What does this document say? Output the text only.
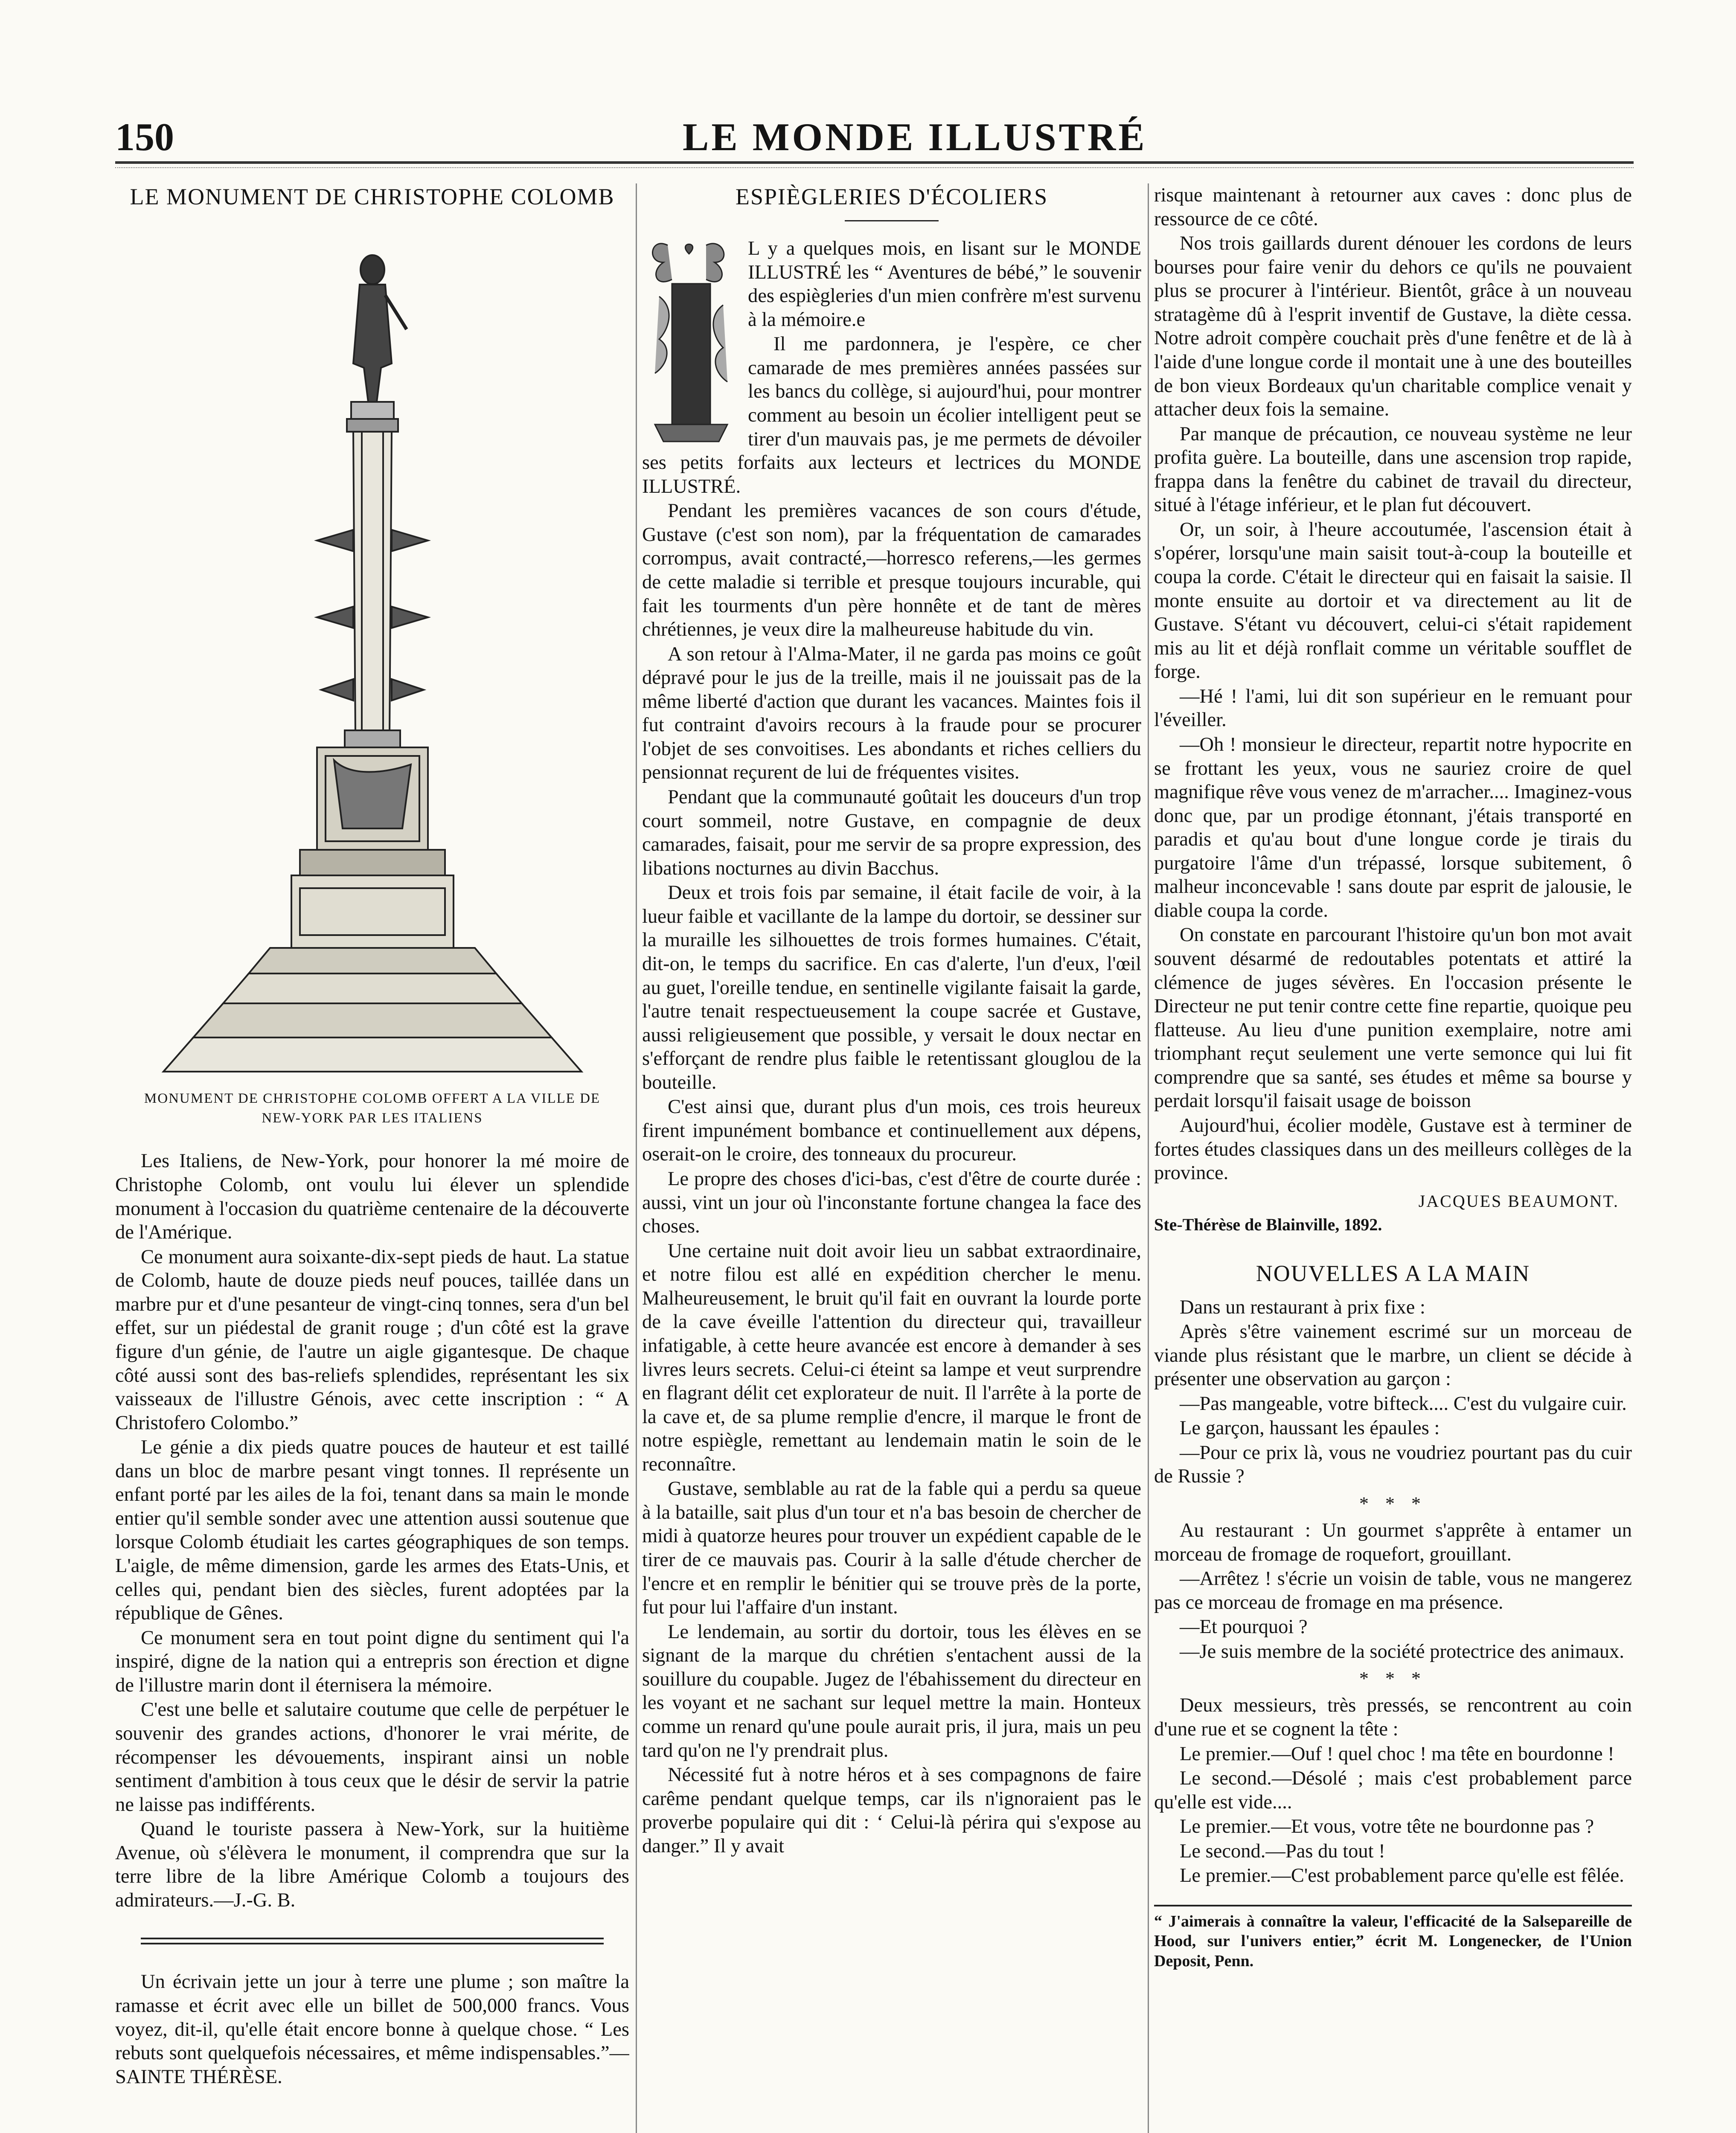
150	LE MONDE ILLUSTRÉ
LE MONUMENT DE CHRISTOPHE COLOMB
MONUMENT DE CHRISTOPHE COLOMB OFFERT A LA VILLE DE NEW-YORK PAR LES ITALIENS

Les Italiens, de New-York, pour honorer la mé moire de Christophe Colomb, ont voulu lui élever un splendide monument à l'occasion du quatrième centenaire de la découverte de l'Amérique.

Ce monument aura soixante-dix-sept pieds de haut. La statue de Colomb, haute de douze pieds neuf pouces, taillée dans un marbre pur et d'une pesanteur de vingt-cinq tonnes, sera d'un bel effet, sur un piédestal de granit rouge ; d'un côté est la grave figure d'un génie, de l'autre un aigle gigantesque. De chaque côté aussi sont des bas-reliefs splendides, représentant les six vaisseaux de l'illustre Génois, avec cette inscription : “ A Christofero Colombo.”

Le génie a dix pieds quatre pouces de hauteur et est taillé dans un bloc de marbre pesant vingt tonnes. Il représente un enfant porté par les ailes de la foi, tenant dans sa main le monde entier qu'il semble sonder avec une attention aussi soutenue que lorsque Colomb étudiait les cartes géographiques de son temps. L'aigle, de même dimension, garde les armes des Etats-Unis, et celles qui, pendant bien des siècles, furent adoptées par la république de Gênes.

Ce monument sera en tout point digne du sentiment qui l'a inspiré, digne de la nation qui a entrepris son érection et digne de l'illustre marin dont il éternisera la mémoire.

C'est une belle et salutaire coutume que celle de perpétuer le souvenir des grandes actions, d'honorer le vrai mérite, de récompenser les dévouements, inspirant ainsi un noble sentiment d'ambition à tous ceux que le désir de servir la patrie ne laisse pas indifférents.

Quand le touriste passera à New-York, sur la huitième Avenue, où s'élèvera le monument, il comprendra que sur la terre libre de la libre Amérique Colomb a toujours des admirateurs.—J.-G. B.

Un écrivain jette un jour à terre une plume ; son maître la ramasse et écrit avec elle un billet de 500,000 francs. Vous voyez, dit-il, qu'elle était encore bonne à quelque chose. “ Les rebuts sont quelquefois nécessaires, et même indispensables.”—SAINTE THÉRÈSE.

ESPIÈGLERIES D'ÉCOLIERS

L y a quelques mois, en lisant sur le MONDE ILLUSTRÉ les “ Aventures de bébé,” le souvenir des espiègleries d'un mien confrère m'est survenu à la mémoire.e

Il me pardonnera, je l'espère, ce cher camarade de mes premières années passées sur les bancs du collège, si aujourd'hui, pour montrer comment au besoin un écolier intelligent peut se tirer d'un mauvais pas, je me permets de dévoiler ses petits forfaits aux lecteurs et lectrices du MONDE ILLUSTRÉ.

Pendant les premières vacances de son cours d'étude, Gustave (c'est son nom), par la fréquentation de camarades corrompus, avait contracté,—horresco referens,—les germes de cette maladie si terrible et presque toujours incurable, qui fait les tourments d'un père honnête et de tant de mères chrétiennes, je veux dire la malheureuse habitude du vin.

A son retour à l'Alma-Mater, il ne garda pas moins ce goût dépravé pour le jus de la treille, mais il ne jouissait pas de la même liberté d'action que durant les vacances. Maintes fois il fut contraint d'avoirs recours à la fraude pour se procurer l'objet de ses convoitises. Les abondants et riches celliers du pensionnat reçurent de lui de fréquentes visites.

Pendant que la communauté goûtait les douceurs d'un trop court sommeil, notre Gustave, en compagnie de deux camarades, faisait, pour me servir de sa propre expression, des libations nocturnes au divin Bacchus.

Deux et trois fois par semaine, il était facile de voir, à la lueur faible et vacillante de la lampe du dortoir, se dessiner sur la muraille les silhouettes de trois formes humaines. C'était, dit-on, le temps du sacrifice. En cas d'alerte, l'un d'eux, l'œil au guet, l'oreille tendue, en sentinelle vigilante faisait la garde, l'autre tenait respectueusement la coupe sacrée et Gustave, aussi religieusement que possible, y versait le doux nectar en s'efforçant de rendre plus faible le retentissant glouglou de la bouteille.

C'est ainsi que, durant plus d'un mois, ces trois heureux firent impunément bombance et continuellement aux dépens, oserait-on le croire, des tonneaux du procureur.

Le propre des choses d'ici-bas, c'est d'être de courte durée : aussi, vint un jour où l'inconstante fortune changea la face des choses.

Une certaine nuit doit avoir lieu un sabbat extraordinaire, et notre filou est allé en expédition chercher le menu. Malheureusement, le bruit qu'il fait en ouvrant la lourde porte de la cave éveille l'attention du directeur qui, travailleur infatigable, à cette heure avancée est encore à demander à ses livres leurs secrets. Celui-ci éteint sa lampe et veut surprendre en flagrant délit cet explorateur de nuit. Il l'arrête à la porte de la cave et, de sa plume remplie d'encre, il marque le front de notre espiègle, remettant au lendemain matin le soin de le reconnaître.

Gustave, semblable au rat de la fable qui a perdu sa queue à la bataille, sait plus d'un tour et n'a bas besoin de chercher de midi à quatorze heures pour trouver un expédient capable de le tirer de ce mauvais pas. Courir à la salle d'étude chercher de l'encre et en remplir le bénitier qui se trouve près de la porte, fut pour lui l'affaire d'un instant.

Le lendemain, au sortir du dortoir, tous les élèves en se signant de la marque du chrétien s'entachent aussi de la souillure du coupable. Jugez de l'ébahissement du directeur en les voyant et ne sachant sur lequel mettre la main. Honteux comme un renard qu'une poule aurait pris, il jura, mais un peu tard qu'on ne l'y prendrait plus.

Nécessité fut à notre héros et à ses compagnons de faire carême pendant quelque temps, car ils n'ignoraient pas le proverbe populaire qui dit : ‘ Celui-là périra qui s'expose au danger.” Il y avait

risque maintenant à retourner aux caves : donc plus de ressource de ce côté.

Nos trois gaillards durent dénouer les cordons de leurs bourses pour faire venir du dehors ce qu'ils ne pouvaient plus se procurer à l'intérieur. Bientôt, grâce à un nouveau stratagème dû à l'esprit inventif de Gustave, la diète cessa. Notre adroit compère couchait près d'une fenêtre et de là à l'aide d'une longue corde il montait une à une des bouteilles de bon vieux Bordeaux qu'un charitable complice venait y attacher deux fois la semaine.

Par manque de précaution, ce nouveau système ne leur profita guère. La bouteille, dans une ascension trop rapide, frappa dans la fenêtre du cabinet de travail du directeur, situé à l'étage inférieur, et le plan fut découvert.

Or, un soir, à l'heure accoutumée, l'ascension était à s'opérer, lorsqu'une main saisit tout-à-coup la bouteille et coupa la corde. C'était le directeur qui en faisait la saisie. Il monte ensuite au dortoir et va directement au lit de Gustave. S'étant vu découvert, celui-ci s'était rapidement mis au lit et déjà ronflait comme un véritable soufflet de forge.

—Hé ! l'ami, lui dit son supérieur en le remuant pour l'éveiller.

—Oh ! monsieur le directeur, repartit notre hypocrite en se frottant les yeux, vous ne sauriez croire de quel magnifique rêve vous venez de m'arracher.... Imaginez-vous donc que, par un prodige étonnant, j'étais transporté en paradis et qu'au bout d'une longue corde je tirais du purgatoire l'âme d'un trépassé, lorsque subitement, ô malheur inconcevable ! sans doute par esprit de jalousie, le diable coupa la corde.

On constate en parcourant l'histoire qu'un bon mot avait souvent désarmé de redoutables potentats et attiré la clémence de juges sévères. En l'occasion présente le Directeur ne put tenir contre cette fine repartie, quoique peu flatteuse. Au lieu d'une punition exemplaire, notre ami triomphant reçut seulement une verte semonce qui lui fit comprendre que sa santé, ses études et même sa bourse y perdait lorsqu'il faisait usage de boisson

Aujourd'hui, écolier modèle, Gustave est à terminer de fortes études classiques dans un des meilleurs collèges de la province.

JACQUES BEAUMONT.

Ste-Thérèse de Blainville, 1892.

NOUVELLES A LA MAIN

Dans un restaurant à prix fixe :

Après s'être vainement escrimé sur un morceau de viande plus résistant que le marbre, un client se décide à présenter une observation au garçon :

—Pas mangeable, votre bifteck.... C'est du vulgaire cuir.

Le garçon, haussant les épaules :

—Pour ce prix là, vous ne voudriez pourtant pas du cuir de Russie ?

* * *

Au restaurant : Un gourmet s'apprête à entamer un morceau de fromage de roquefort, grouillant.

—Arrêtez ! s'écrie un voisin de table, vous ne mangerez pas ce morceau de fromage en ma présence.

—Et pourquoi ?

—Je suis membre de la société protectrice des animaux.

* * *

Deux messieurs, très pressés, se rencontrent au coin d'une rue et se cognent la tête :

Le premier.—Ouf ! quel choc ! ma tête en bourdonne !

Le second.—Désolé ; mais c'est probablement parce qu'elle est vide....

Le premier.—Et vous, votre tête ne bourdonne pas ?

Le second.—Pas du tout !

Le premier.—C'est probablement parce qu'elle est fêlée.

“ J'aimerais à connaître la valeur, l'efficacité de la Salsepareille de Hood, sur l'univers entier,” écrit M. Longenecker, de l'Union Deposit, Penn.
